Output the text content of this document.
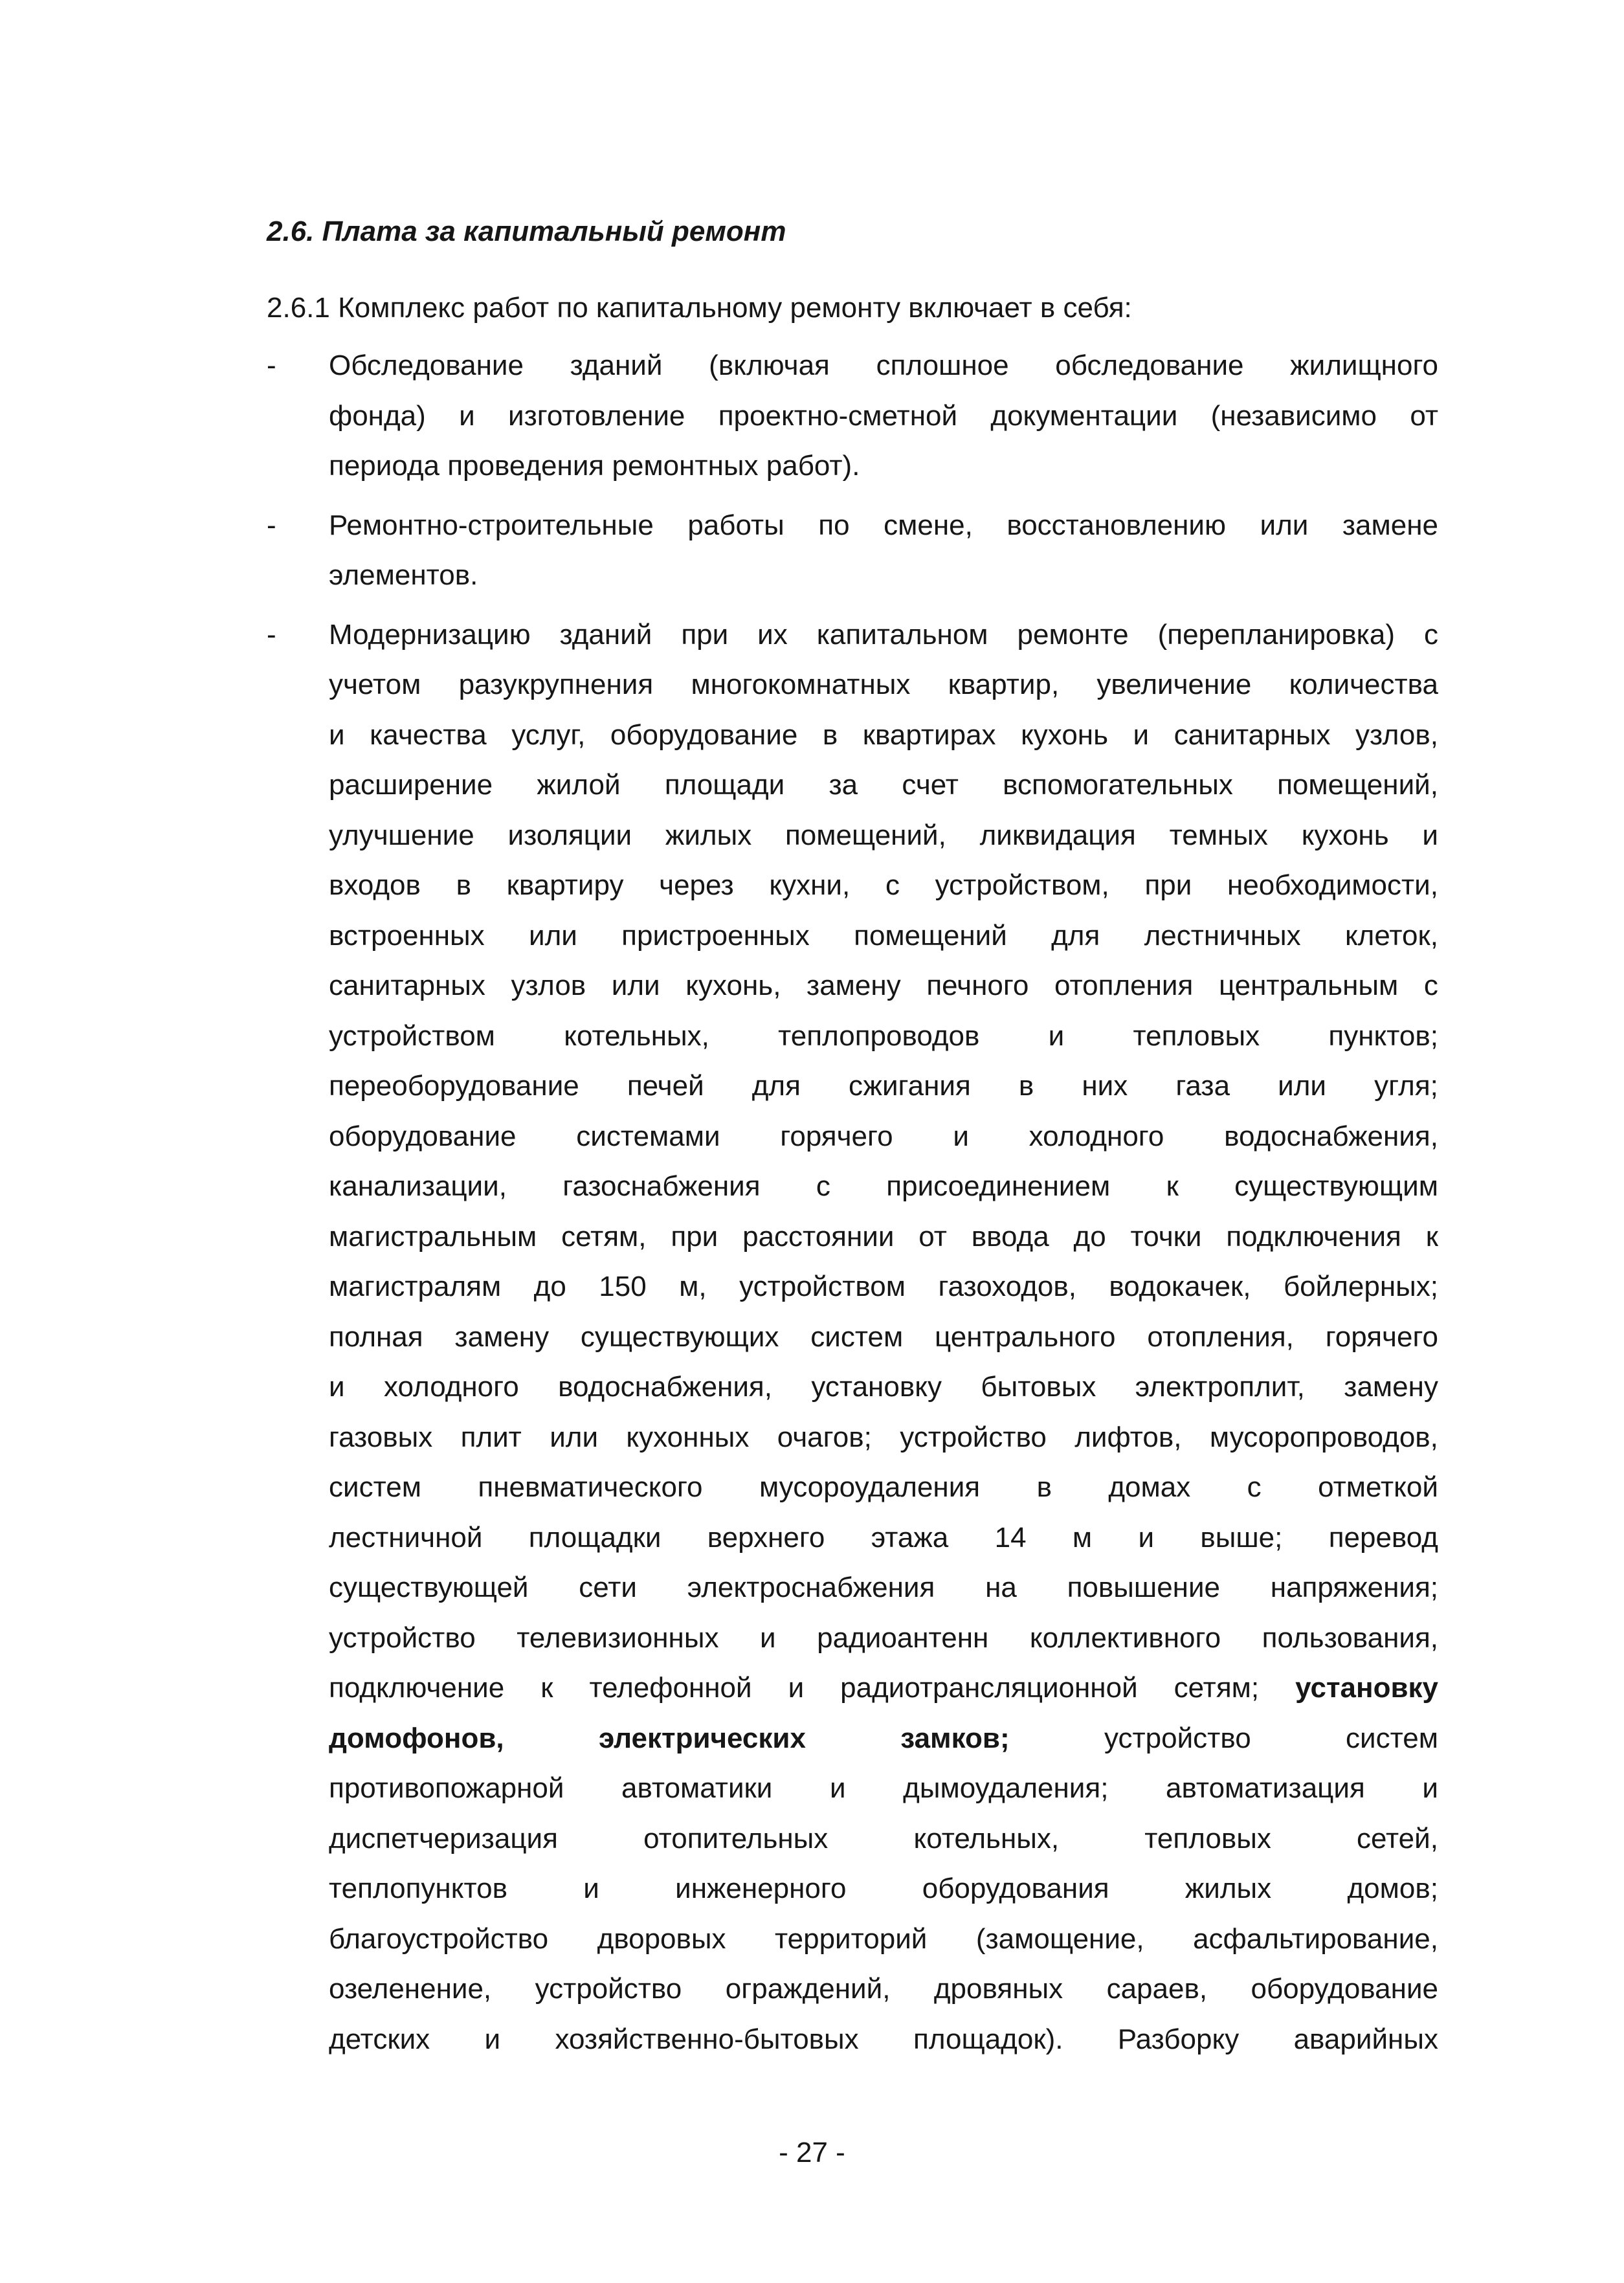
2.6. Плата за капитальный ремонт
2.6.1 Комплекс работ по капитальному ремонту включает в себя:
- Обследование зданий (включая сплошное обследование жилищного
фонда) и изготовление проектно-сметной документации (независимо от
периода
проведения
ремонтных
работ).
- Ремонтно-строительные работы по смене, восстановлению или замене
элементов.
- Модернизацию зданий при их капитальном ремонте (перепланировка) с
учетом разукрупнения многокомнатных квартир, увеличение количества
и качества услуг, оборудование в квартирах кухонь и санитарных узлов,
расширение жилой площади за счет вспомогательных помещений,
улучшение изоляции жилых помещений, ликвидация темных кухонь и
входов в квартиру через кухни, с устройством, при необходимости,
встроенных или пристроенных помещений для лестничных клеток,
санитарных узлов или кухонь, замену печного отопления центральным с
устройством котельных, теплопроводов и тепловых пунктов;
переоборудование печей для сжигания в них газа или угля;
оборудование системами горячего и холодного водоснабжения,
канализации, газоснабжения с присоединением к существующим
магистральным сетям, при расстоянии от ввода до точки подключения к
магистралям до 150 м, устройством газоходов, водокачек, бойлерных;
полная замену существующих систем центрального отопления, горячего
и холодного водоснабжения, установку бытовых электроплит, замену
газовых плит или кухонных очагов; устройство лифтов, мусоропроводов,
систем пневматического мусороудаления в домах с отметкой
лестничной площадки верхнего этажа 14 м и выше; перевод
существующей сети электроснабжения на повышение напряжения;
устройство телевизионных и радиоантенн коллективного пользования,
подключение к телефонной и радиотрансляционной сетям; установку
домофонов,	электрических	замков;	устройство	систем
противопожарной автоматики и дымоудаления; автоматизация и
диспетчеризация	отопительных	котельных,	тепловых	сетей,
теплопунктов	и	инженерного	оборудования	жилых	домов;
благоустройство дворовых территорий (замощение, асфальтирование,
озеленение, устройство ограждений, дровяных сараев, оборудование
детских и хозяйственно-бытовых площадок). Разборку аварийных
- 27 -
